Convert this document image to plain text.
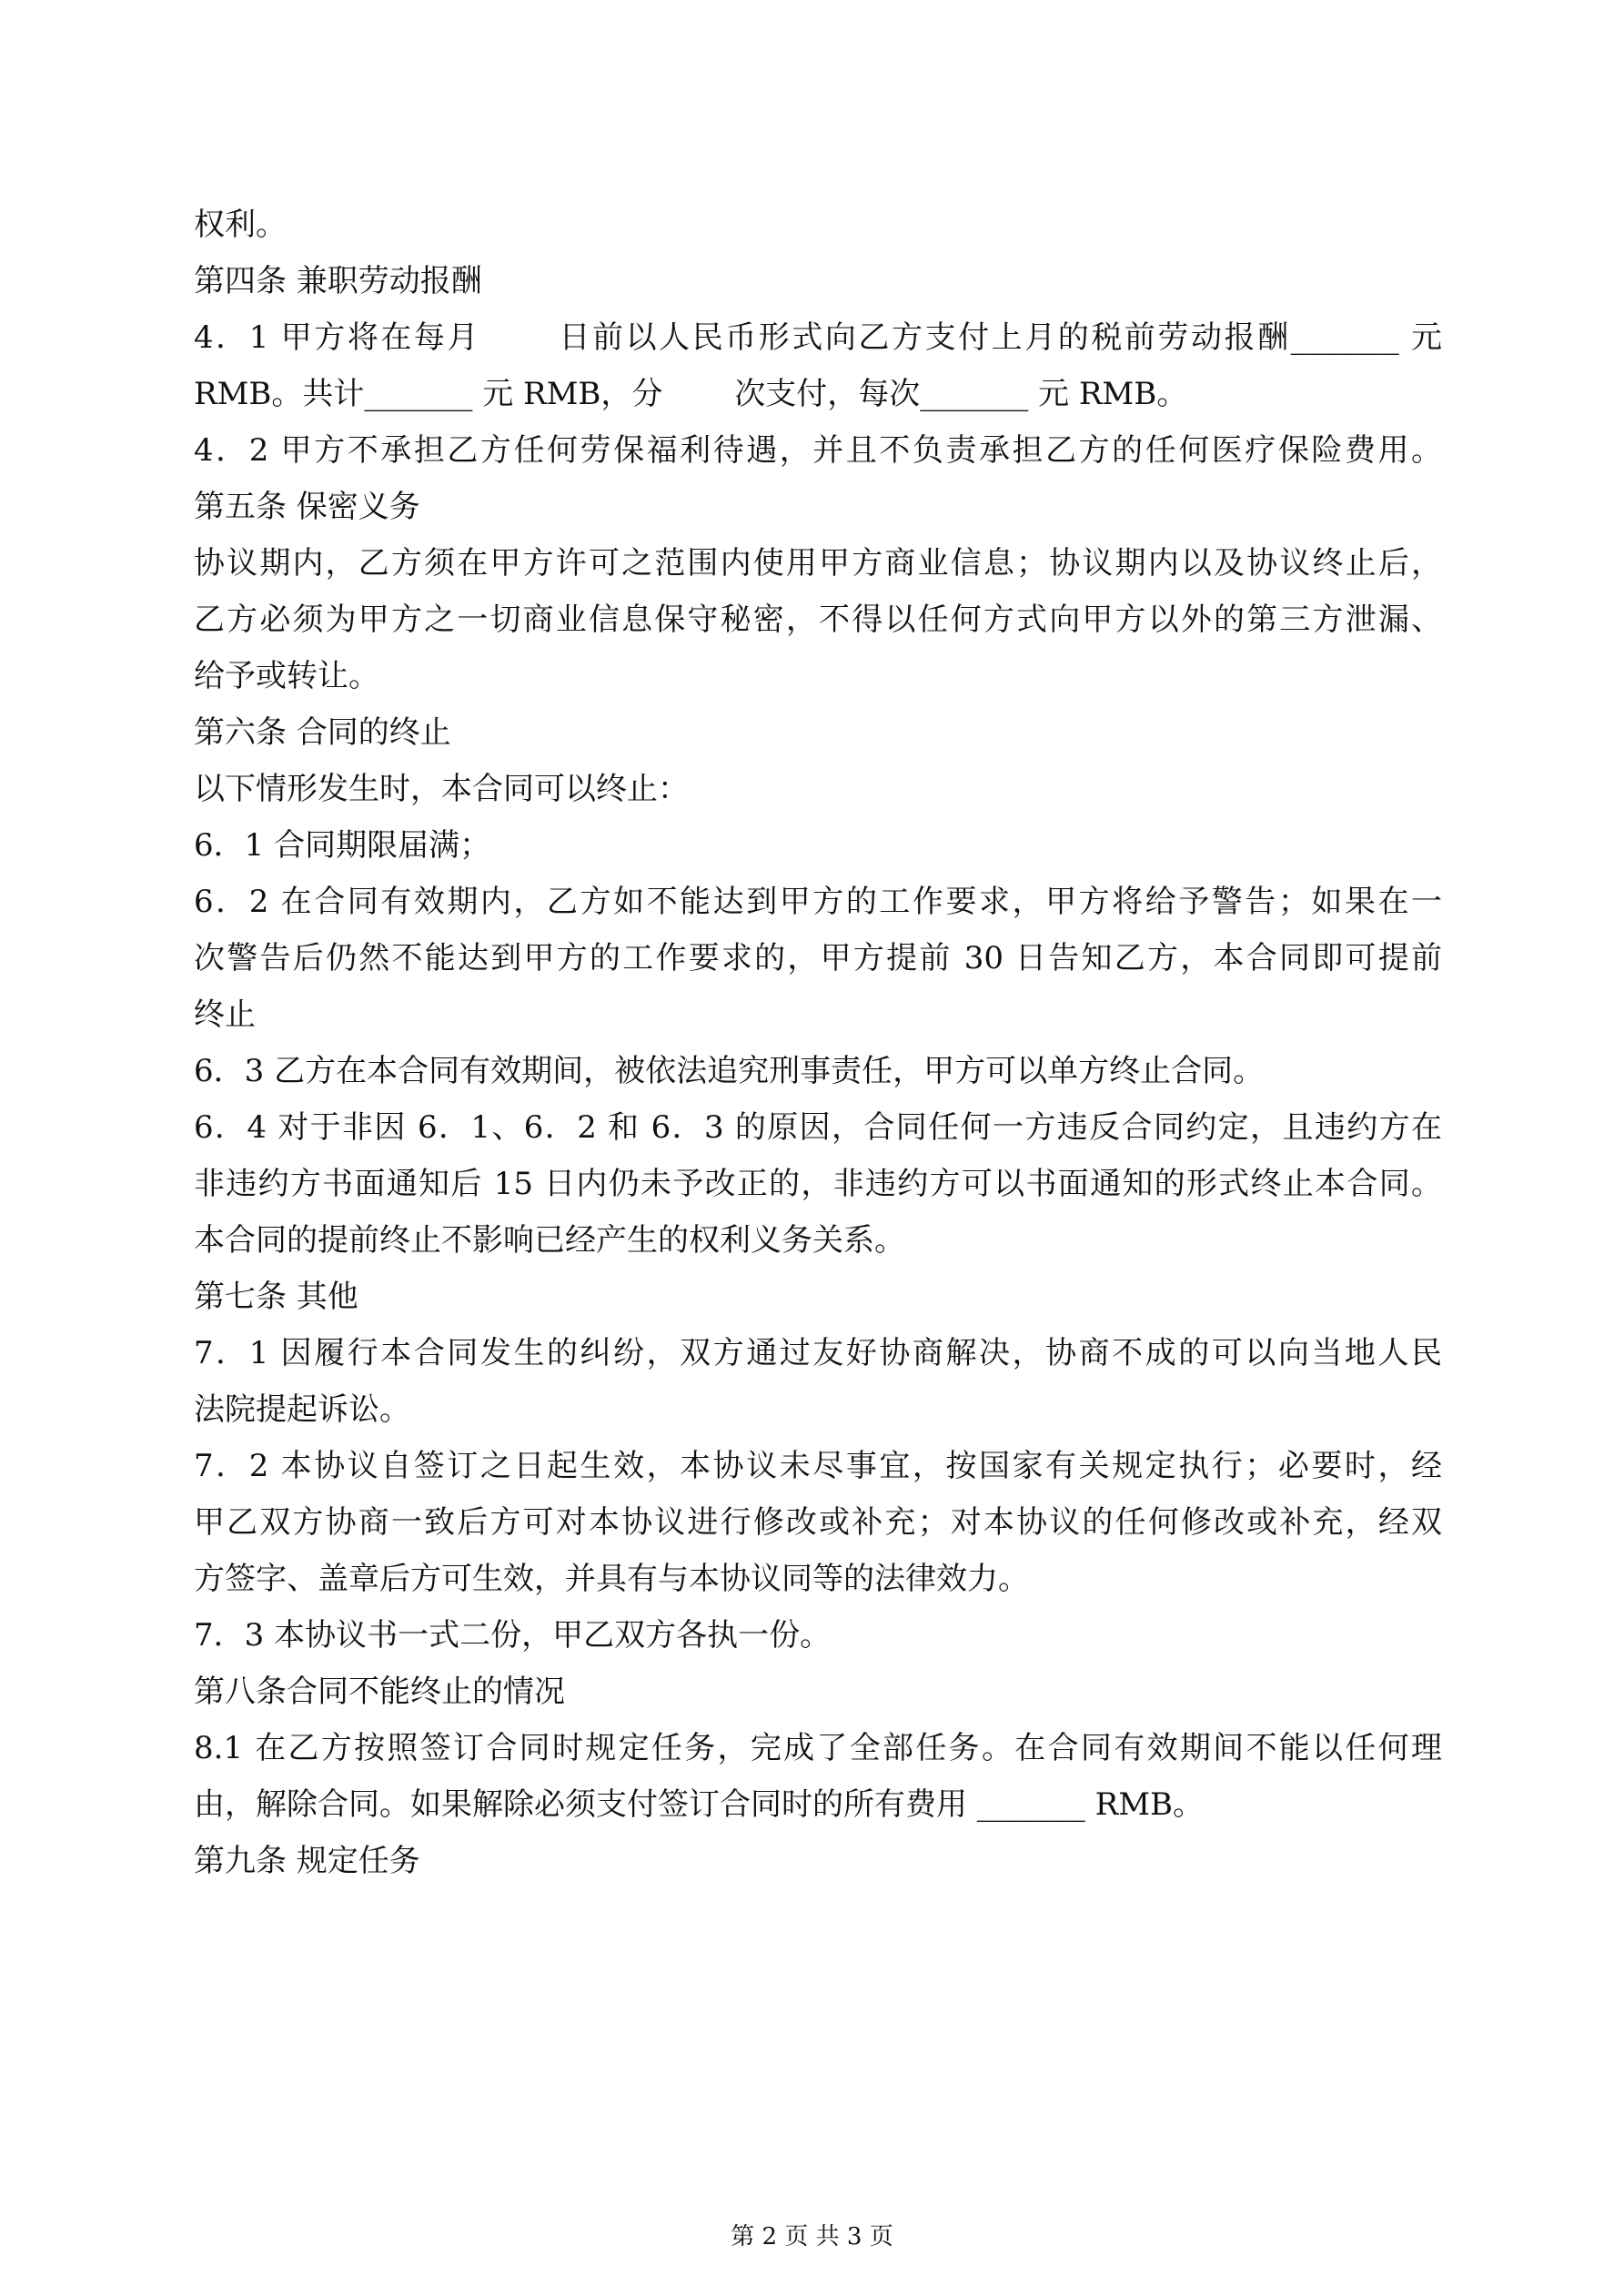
权利。
第四条 兼职劳动报酬
4．1 甲方将在每月　　 日前以人民币形式向乙方支付上月的税前劳动报酬_______ 元
RMB。共计_______ 元 RMB，分　　 次支付，每次_______ 元 RMB。
4．2 甲方不承担乙方任何劳保福利待遇，并且不负责承担乙方的任何医疗保险费用。
第五条 保密义务
协议期内，乙方须在甲方许可之范围内使用甲方商业信息；协议期内以及协议终止后，
乙方必须为甲方之一切商业信息保守秘密，不得以任何方式向甲方以外的第三方泄漏、
给予或转让。
第六条 合同的终止
以下情形发生时，本合同可以终止：
6．1 合同期限届满；
6．2 在合同有效期内，乙方如不能达到甲方的工作要求，甲方将给予警告；如果在一
次警告后仍然不能达到甲方的工作要求的，甲方提前 30 日告知乙方，本合同即可提前
终止
6．3 乙方在本合同有效期间，被依法追究刑事责任，甲方可以单方终止合同。
6．4 对于非因 6．1、6．2 和 6．3 的原因，合同任何一方违反合同约定，且违约方在
非违约方书面通知后 15 日内仍未予改正的，非违约方可以书面通知的形式终止本合同。
本合同的提前终止不影响已经产生的权利义务关系。
第七条 其他
7．1 因履行本合同发生的纠纷，双方通过友好协商解决，协商不成的可以向当地人民
法院提起诉讼。
7．2 本协议自签订之日起生效，本协议未尽事宜，按国家有关规定执行；必要时，经
甲乙双方协商一致后方可对本协议进行修改或补充；对本协议的任何修改或补充，经双
方签字、盖章后方可生效，并具有与本协议同等的法律效力。
7．3 本协议书一式二份，甲乙双方各执一份。
第八条合同不能终止的情况
8.1 在乙方按照签订合同时规定任务，完成了全部任务。在合同有效期间不能以任何理
由，解除合同。如果解除必须支付签订合同时的所有费用 _______ RMB。
第九条 规定任务
第 2 页 共 3 页
